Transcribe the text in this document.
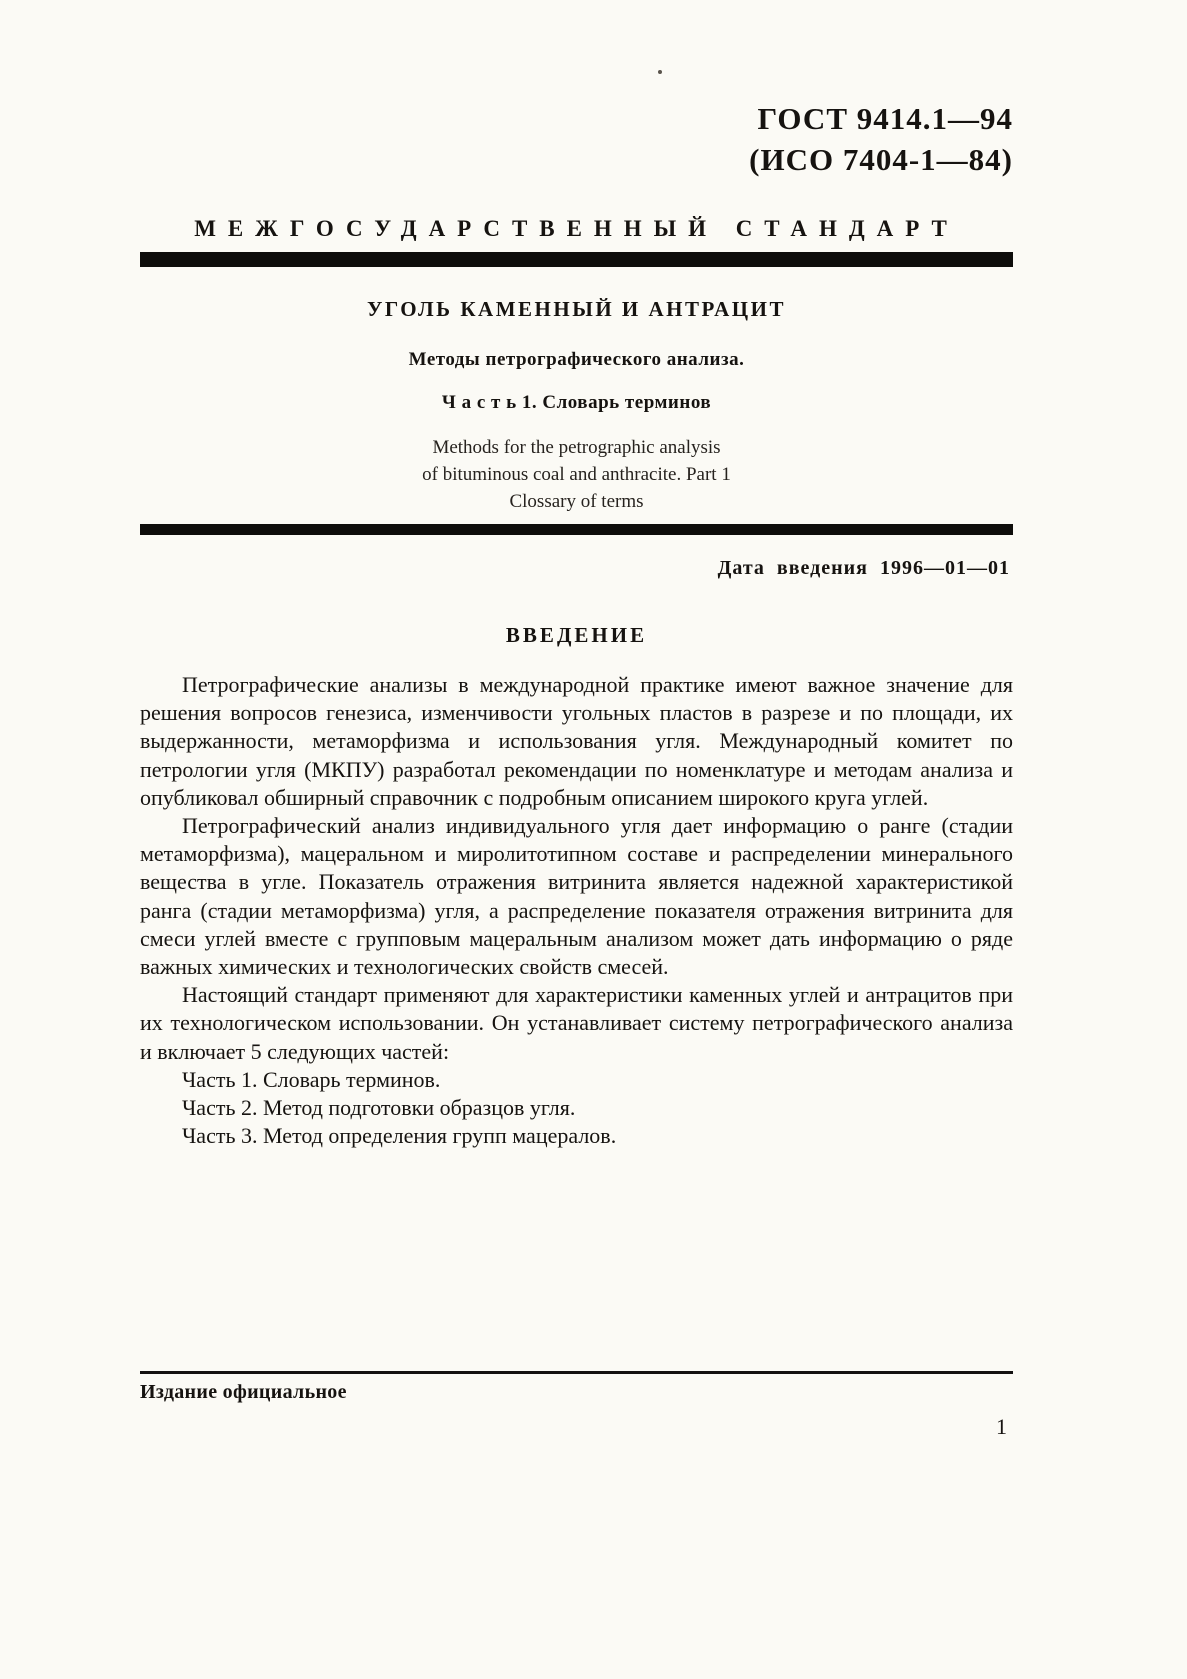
ГОСТ 9414.1—94
(ИСО 7404-1—84)
МЕЖГОСУДАРСТВЕННЫЙ СТАНДАРТ
УГОЛЬ КАМЕННЫЙ И АНТРАЦИТ
Методы петрографического анализа.
Ч а с т ь 1. Словарь терминов
Methods for the petrographic analysis
of bituminous coal and anthracite. Part 1
Clossary of terms
Дата введения 1996—01—01
ВВЕДЕНИЕ

Петрографические анализы в международной практике имеют важное значение для решения вопросов генезиса, изменчивости угольных пластов в разрезе и по площади, их выдержанности, метаморфизма и использования угля. Международный комитет по петрологии угля (МКПУ) разработал рекомендации по номенклатуре и методам анализа и опубликовал обширный справочник с подробным описанием широкого круга углей.

Петрографический анализ индивидуального угля дает информацию о ранге (стадии метаморфизма), мацеральном и миролитотипном составе и распределении минерального вещества в угле. Показатель отражения витринита является надежной характеристикой ранга (стадии метаморфизма) угля, а распределение показателя отражения витринита для смеси углей вместе с групповым мацеральным анализом может дать информацию о ряде важных химических и технологических свойств смесей.

Настоящий стандарт применяют для характеристики каменных углей и антрацитов при их технологическом использовании. Он устанавливает систему петрографического анализа и включает 5 следующих частей:

Часть 1. Словарь терминов.

Часть 2. Метод подготовки образцов угля.

Часть 3. Метод определения групп мацералов.

Издание официальное
1
